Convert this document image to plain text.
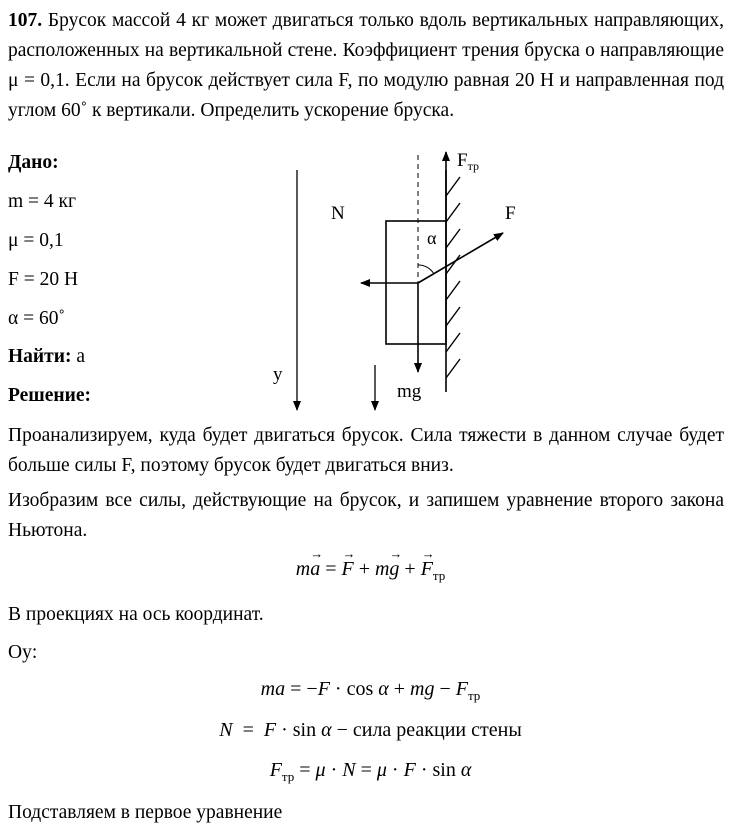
107. Брусок массой 4 кг может двигаться только вдоль вертикальных направляющих, расположенных на вертикальной стене. Коэффициент трения бруска о направляющие μ = 0,1. Если на брусок действует сила F, по модулю равная 20 Н и направленная под углом 60˚ к вертикали. Определить ускорение бруска.
Дано:
m = 4 кг
μ = 0,1
F = 20 Н
α = 60˚
Найти: a
Решение:
$F_{тр}$
F
N
α
y
mg
Проанализируем, куда будет двигаться брусок. Сила тяжести в данном случае будет больше силы F, поэтому брусок будет двигаться вниз.
Изобразим все силы, действующие на брусок, и запишем уравнение второго закона Ньютона.
ma
→
= F
→
+ mg
→
+ F
→
$_{тр}$
В проекциях на ось координат.
Oy:
ma = −F · cos α + mg − $F_{тр}$
N  =  F · sin α − сила реакции стены
$F_{тр} = \mu \cdot N = \mu \cdot F \cdot \sin \alpha$
Подставляем в первое уравнение
